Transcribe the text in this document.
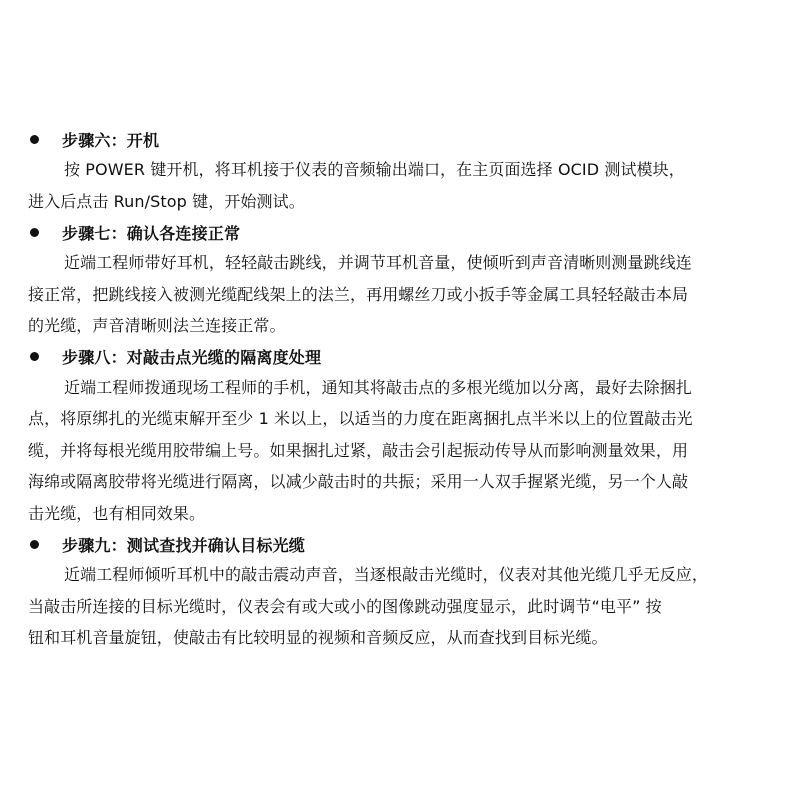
步骤六：开机

按 POWER 键开机，将耳机接于仪表的音频输出端口，在主页面选择 OCID 测试模块，
进入后点击 Run/Stop 键，开始测试。

步骤七：确认各连接正常

近端工程师带好耳机，轻轻敲击跳线，并调节耳机音量，使倾听到声音清晰则测量跳线连
接正常，把跳线接入被测光缆配线架上的法兰，再用螺丝刀或小扳手等金属工具轻轻敲击本局
的光缆，声音清晰则法兰连接正常。

步骤八：对敲击点光缆的隔离度处理

近端工程师拨通现场工程师的手机，通知其将敲击点的多根光缆加以分离，最好去除捆扎
点，将原绑扎的光缆束解开至少 1 米以上，以适当的力度在距离捆扎点半米以上的位置敲击光
缆，并将每根光缆用胶带编上号。如果捆扎过紧，敲击会引起振动传导从而影响测量效果，用
海绵或隔离胶带将光缆进行隔离，以减少敲击时的共振；采用一人双手握紧光缆，另一个人敲
击光缆，也有相同效果。

步骤九：测试查找并确认目标光缆

近端工程师倾听耳机中的敲击震动声音，当逐根敲击光缆时，仪表对其他光缆几乎无反应，
当敲击所连接的目标光缆时，仪表会有或大或小的图像跳动强度显示，此时调节“电平” 按
钮和耳机音量旋钮，使敲击有比较明显的视频和音频反应，从而查找到目标光缆。
